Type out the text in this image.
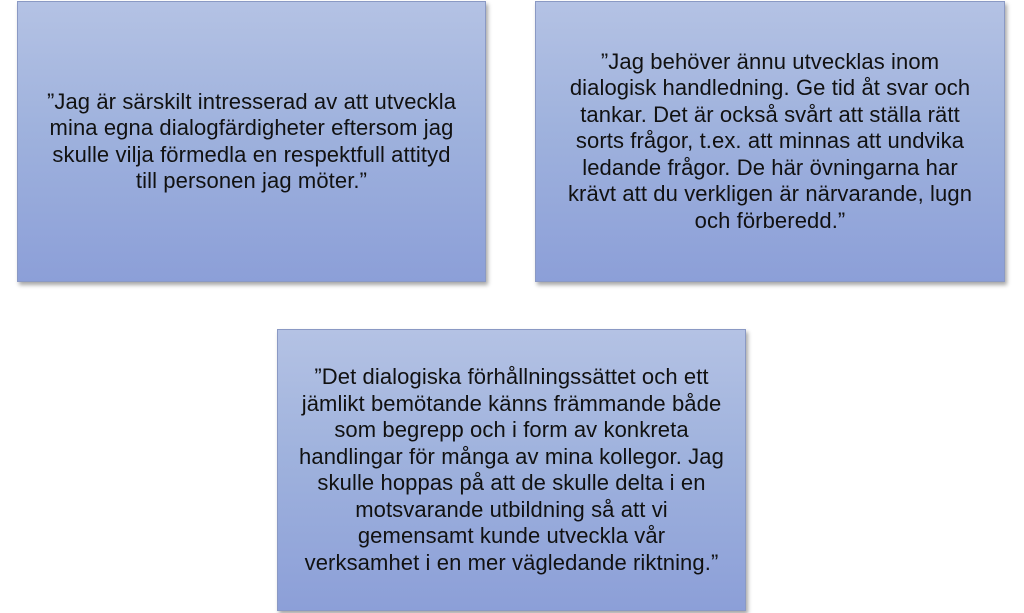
”Jag är särskilt intresserad av att utveckla
mina egna dialogfärdigheter eftersom jag
skulle vilja förmedla en respektfull attityd
till personen jag möter.”

”Jag behöver ännu utvecklas inom
dialogisk handledning. Ge tid åt svar och
tankar. Det är också svårt att ställa rätt
sorts frågor, t.ex. att minnas att undvika
ledande frågor. De här övningarna har
krävt att du verkligen är närvarande, lugn
och förberedd.”

”Det dialogiska förhållningssättet och ett
jämlikt bemötande känns främmande både
som begrepp och i form av konkreta
handlingar för många av mina kollegor. Jag
skulle hoppas på att de skulle delta i en
motsvarande utbildning så att vi
gemensamt kunde utveckla vår
verksamhet i en mer vägledande riktning.”
